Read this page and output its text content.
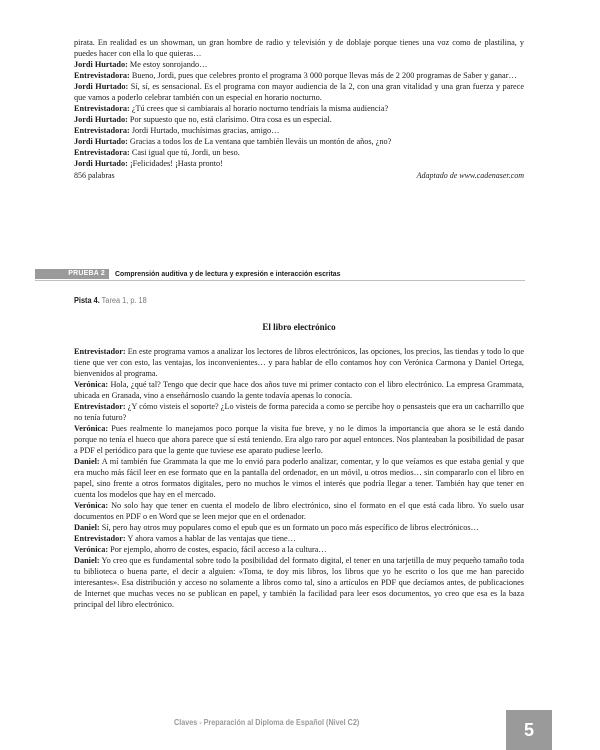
pirata. En realidad es un showman, un gran hombre de radio y televisión y de doblaje porque tienes una voz como de plastilina, y puedes hacer con ella lo que quieras…

Jordi Hurtado: Me estoy sonrojando…

Entrevistadora: Bueno, Jordi, pues que celebres pronto el programa 3 000 porque llevas más de 2 200 programas de Saber y ganar…

Jordi Hurtado: Sí, sí, es sensacional. Es el programa con mayor audiencia de la 2, con una gran vitalidad y una gran fuerza y parece que vamos a poderlo celebrar también con un especial en horario nocturno.

Entrevistadora: ¿Tú crees que si cambiarais al horario nocturno tendríais la misma audiencia?

Jordi Hurtado: Por supuesto que no, está clarísimo. Otra cosa es un especial.

Entrevistadora: Jordi Hurtado, muchísimas gracias, amigo…

Jordi Hurtado: Gracias a todos los de La ventana que también lleváis un montón de años, ¿no?

Entrevistadora: Casi igual que tú, Jordi, un beso.

Jordi Hurtado: ¡Felicidades! ¡Hasta pronto!

856 palabras	Adaptado de www.cadenaser.com
PRUEBA 2	Comprensión auditiva y de lectura y expresión e interacción escritas
Pista 4. Tarea 1, p. 18
El libro electrónico

Entrevistador: En este programa vamos a analizar los lectores de libros electrónicos, las opciones, los precios, las tiendas y todo lo que tiene que ver con esto, las ventajas, los inconvenientes… y para hablar de ello contamos hoy con Verónica Carmona y Daniel Ortega, bienvenidos al programa.

Verónica: Hola, ¿qué tal? Tengo que decir que hace dos años tuve mi primer contacto con el libro electrónico. La empresa Grammata, ubicada en Granada, vino a enseñárnoslo cuando la gente todavía apenas lo conocía.

Entrevistador: ¿Y cómo visteis el soporte? ¿Lo visteis de forma parecida a como se percibe hoy o pensasteis que era un cacharrillo que no tenía futuro?

Verónica: Pues realmente lo manejamos poco porque la visita fue breve, y no le dimos la importancia que ahora se le está dando porque no tenía el hueco que ahora parece que sí está teniendo. Era algo raro por aquel entonces. Nos planteaban la posibilidad de pasar a PDF el periódico para que la gente que tuviese ese aparato pudiese leerlo.

Daniel: A mí también fue Grammata la que me lo envió para poderlo analizar, comentar, y lo que veíamos es que estaba genial y que era mucho más fácil leer en ese formato que en la pantalla del ordenador, en un móvil, u otros medios… sin compararlo con el libro en papel, sino frente a otros formatos digitales, pero no muchos le vimos el interés que podría llegar a tener. También hay que tener en cuenta los modelos que hay en el mercado.

Verónica: No solo hay que tener en cuenta el modelo de libro electrónico, sino el formato en el que está cada libro. Yo suelo usar documentos en PDF o en Word que se leen mejor que en el ordenador.

Daniel: Sí, pero hay otros muy populares como el epub que es un formato un poco más específico de libros electrónicos…

Entrevistador: Y ahora vamos a hablar de las ventajas que tiene…

Verónica: Por ejemplo, ahorro de costes, espacio, fácil acceso a la cultura…

Daniel: Yo creo que es fundamental sobre todo la posibilidad del formato digital, el tener en una tarjetilla de muy pequeño tamaño toda tu biblioteca o buena parte, el decir a alguien: «Toma, te doy mis libros, los libros que yo he escrito o los que me han parecido interesantes». Esa distribución y acceso no solamente a libros como tal, sino a artículos en PDF que decíamos antes, de publicaciones de Internet que muchas veces no se publican en papel, y también la facilidad para leer esos documentos, yo creo que esa es la baza principal del libro electrónico.

Claves - Preparación al Diploma de Español (Nivel C2)	5
